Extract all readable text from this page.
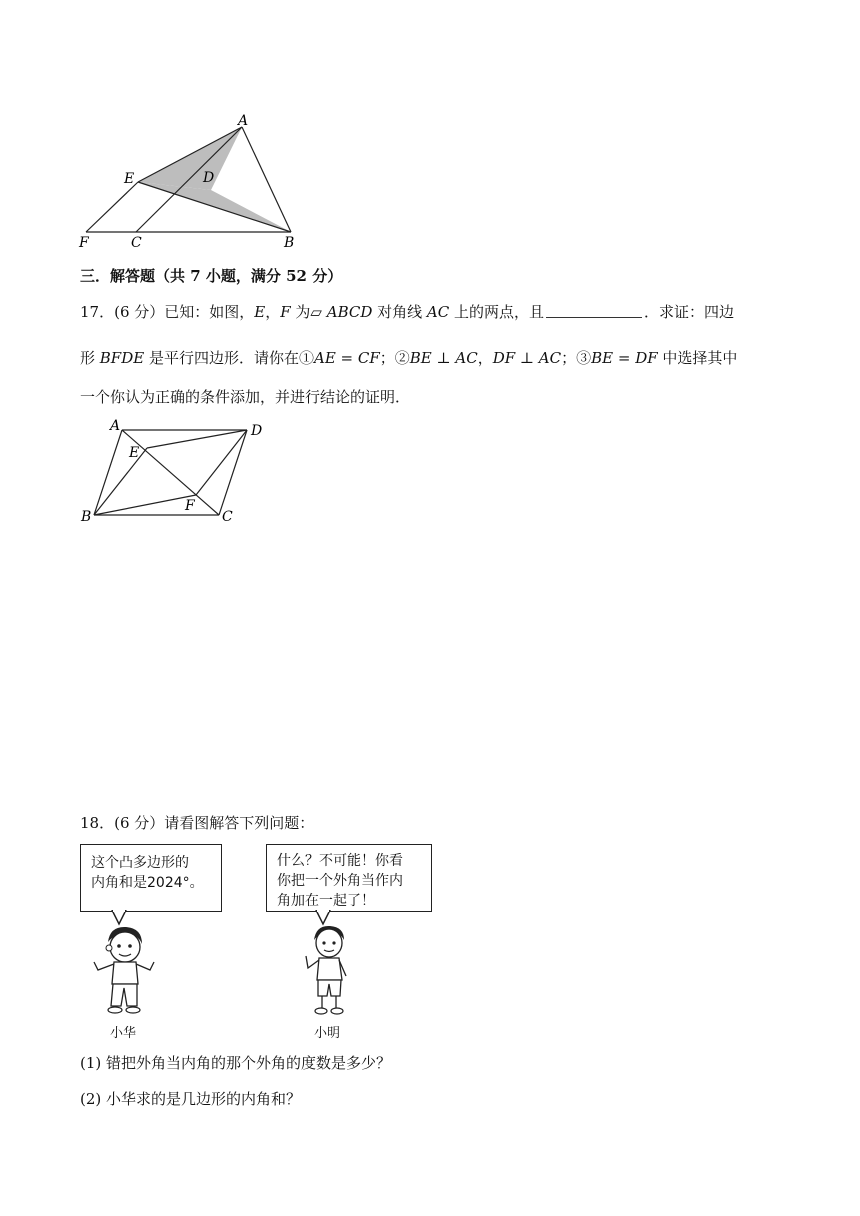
A
E	D
F	C	B
三．解答题（共 7 小题，满分 52 分）
17．(6 分）已知：如图，E，F 为▱ ABCD 对角线 AC 上的两点，且	．求证：四边
形 BFDE 是平行四边形．请你在①AE = CF；②BE ⊥ AC，DF ⊥ AC；③BE = DF 中选择其中
一个你认为正确的条件添加，并进行结论的证明．
A	D
E
F
B	C
18．(6 分）请看图解答下列问题：
这个凸多边形的
内角和是2024°。
什么？不可能！你看
你把一个外角当作内
角加在一起了！
小华	小明
(1) 错把外角当内角的那个外角的度数是多少？
(2) 小华求的是几边形的内角和？
